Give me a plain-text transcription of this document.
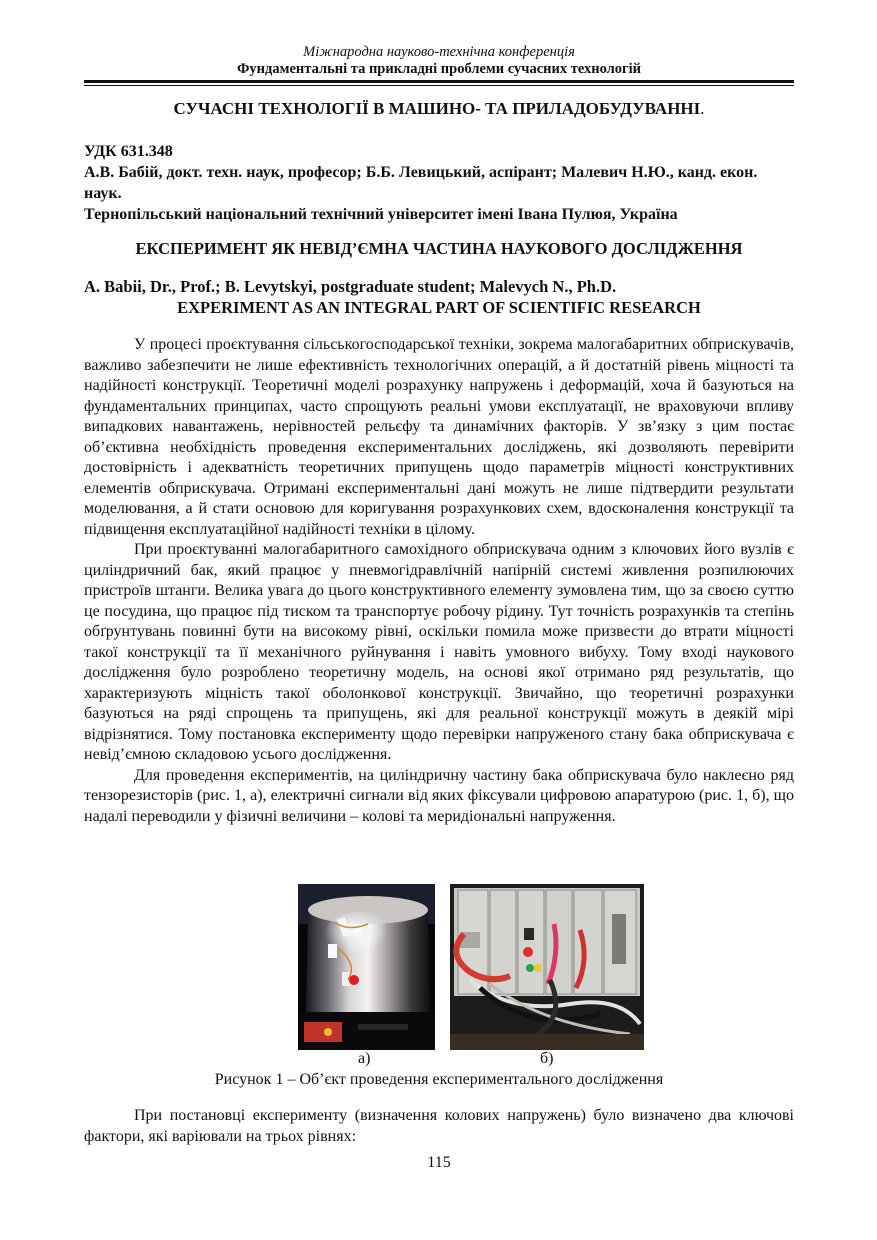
Міжнародна науково-технічна конференція
Фундаментальні та прикладні проблеми сучасних технологій
СУЧАСНІ ТЕХНОЛОГІЇ В МАШИНО- ТА ПРИЛАДОБУДУВАННІ.
УДК 631.348
А.В. Бабій, докт. техн. наук, професор; Б.Б. Левицький, аспірант; Малевич Н.Ю., канд. екон. наук.
Тернопільський національний технічний університет імені Івана Пулюя, Україна
ЕКСПЕРИМЕНТ ЯК НЕВІД’ЄМНА ЧАСТИНА НАУКОВОГО ДОСЛІДЖЕННЯ
A. Babii, Dr., Prof.; B. Levytskyi, postgraduate student; Malevych N., Ph.D.
EXPERIMENT AS AN INTEGRAL PART OF SCIENTIFIC RESEARCH

У процесі проєктування сільськогосподарської техніки, зокрема малогабаритних обприскувачів, важливо забезпечити не лише ефективність технологічних операцій, а й достатній рівень міцності та надійності конструкції. Теоретичні моделі розрахунку напружень і деформацій, хоча й базуються на фундаментальних принципах, часто спрощують реальні умови експлуатації, не враховуючи впливу випадкових навантажень, нерівностей рельєфу та динамічних факторів. У зв’язку з цим постає об’єктивна необхідність проведення експериментальних досліджень, які дозволяють перевірити достовірність і адекватність теоретичних припущень щодо параметрів міцності конструктивних елементів обприскувача. Отримані експериментальні дані можуть не лише підтвердити результати моделювання, а й стати основою для коригування розрахункових схем, вдосконалення конструкції та підвищення експлуатаційної надійності техніки в цілому.

При проєктуванні малогабаритного самохідного обприскувача одним з ключових його вузлів є циліндричний бак, який працює у пневмогідравлічній напірній системі живлення розпилюючих пристроїв штанги. Велика увага до цього конструктивного елементу зумовлена тим, що за своєю суттю це посудина, що працює під тиском та транспортує робочу рідину. Тут точність розрахунків та степінь обґрунтувань повинні бути на високому рівні, оскільки помила може призвести до втрати міцності такої конструкції та її механічного руйнування і навіть умовного вибуху. Тому вході наукового дослідження було розроблено теоретичну модель, на основі якої отримано ряд результатів, що характеризують міцність такої оболонкової конструкції. Звичайно, що теоретичні розрахунки базуються на ряді спрощень та припущень, які для реальної конструкції можуть в деякій мірі відрізнятися. Тому постановка експерименту щодо перевірки напруженого стану бака обприскувача є невід’ємною складовою усього дослідження.

Для проведення експериментів, на циліндричну частину бака обприскувача було наклеєно ряд тензорезисторів (рис. 1, а), електричні сигнали від яких фіксували цифровою апаратурою (рис. 1, б), що надалі переводили у фізичні величини – колові та меридіональні напруження.

а)	б)
Рисунок 1 – Об’єкт проведення експериментального дослідження

При постановці експерименту (визначення колових напружень) було визначено два ключові фактори, які варіювали на трьох рівнях:

115
